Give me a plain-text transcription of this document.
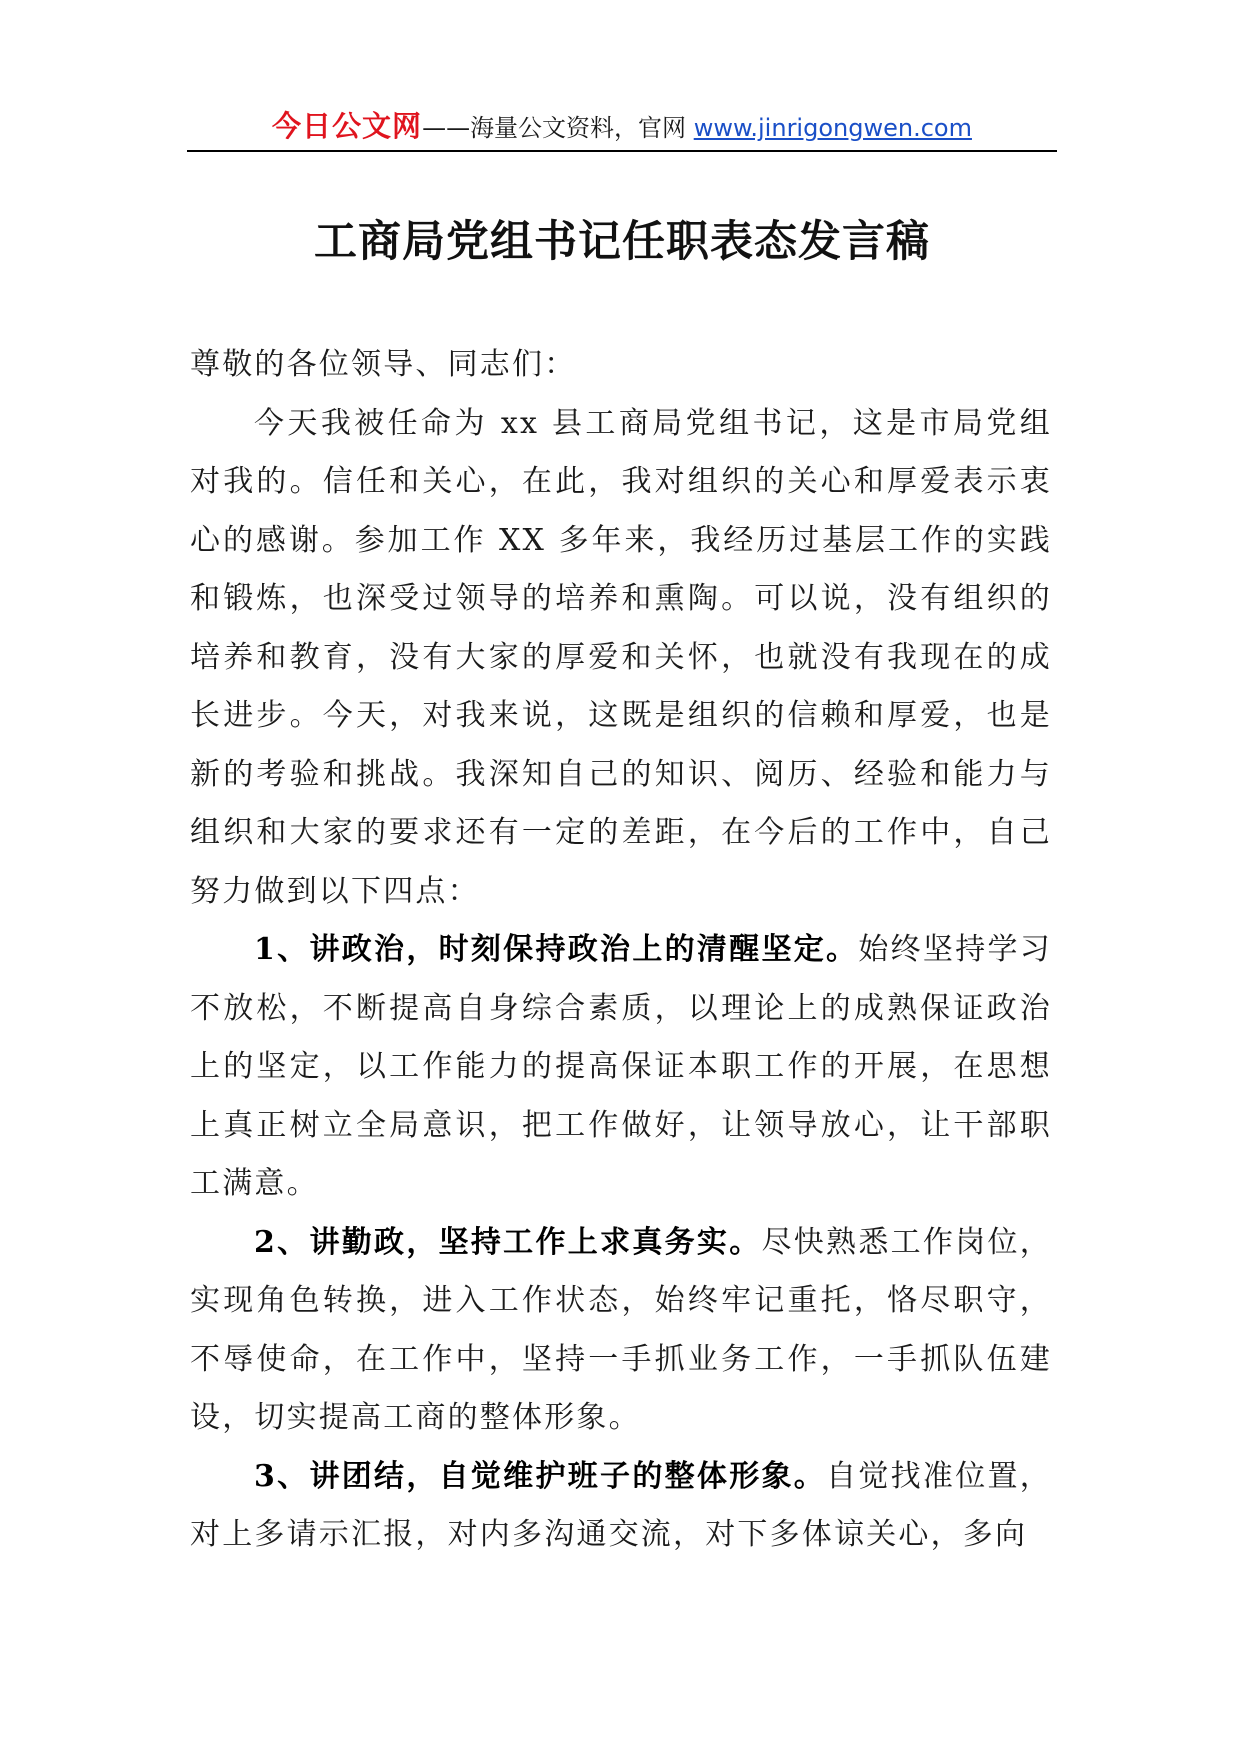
今日公文网——海量公文资料，官网 www.jinrigongwen.com
工商局党组书记任职表态发言稿

尊敬的各位领导、同志们：

今天我被任命为 xx 县工商局党组书记，这是市局党组对我的。信任和关心，在此，我对组织的关心和厚爱表示衷心的感谢。参加工作 XX 多年来，我经历过基层工作的实践和锻炼，也深受过领导的培养和熏陶。可以说，没有组织的培养和教育，没有大家的厚爱和关怀，也就没有我现在的成长进步。今天，对我来说，这既是组织的信赖和厚爱，也是新的考验和挑战。我深知自己的知识、阅历、经验和能力与组织和大家的要求还有一定的差距，在今后的工作中，自己努力做到以下四点：

1、讲政治，时刻保持政治上的清醒坚定。始终坚持学习不放松，不断提高自身综合素质，以理论上的成熟保证政治上的坚定，以工作能力的提高保证本职工作的开展，在思想上真正树立全局意识，把工作做好，让领导放心，让干部职工满意。

2、讲勤政，坚持工作上求真务实。尽快熟悉工作岗位，实现角色转换，进入工作状态，始终牢记重托，恪尽职守，不辱使命，在工作中，坚持一手抓业务工作，一手抓队伍建设，切实提高工商的整体形象。

3、讲团结，自觉维护班子的整体形象。自觉找准位置，对上多请示汇报，对内多沟通交流，对下多体谅关心，多向
